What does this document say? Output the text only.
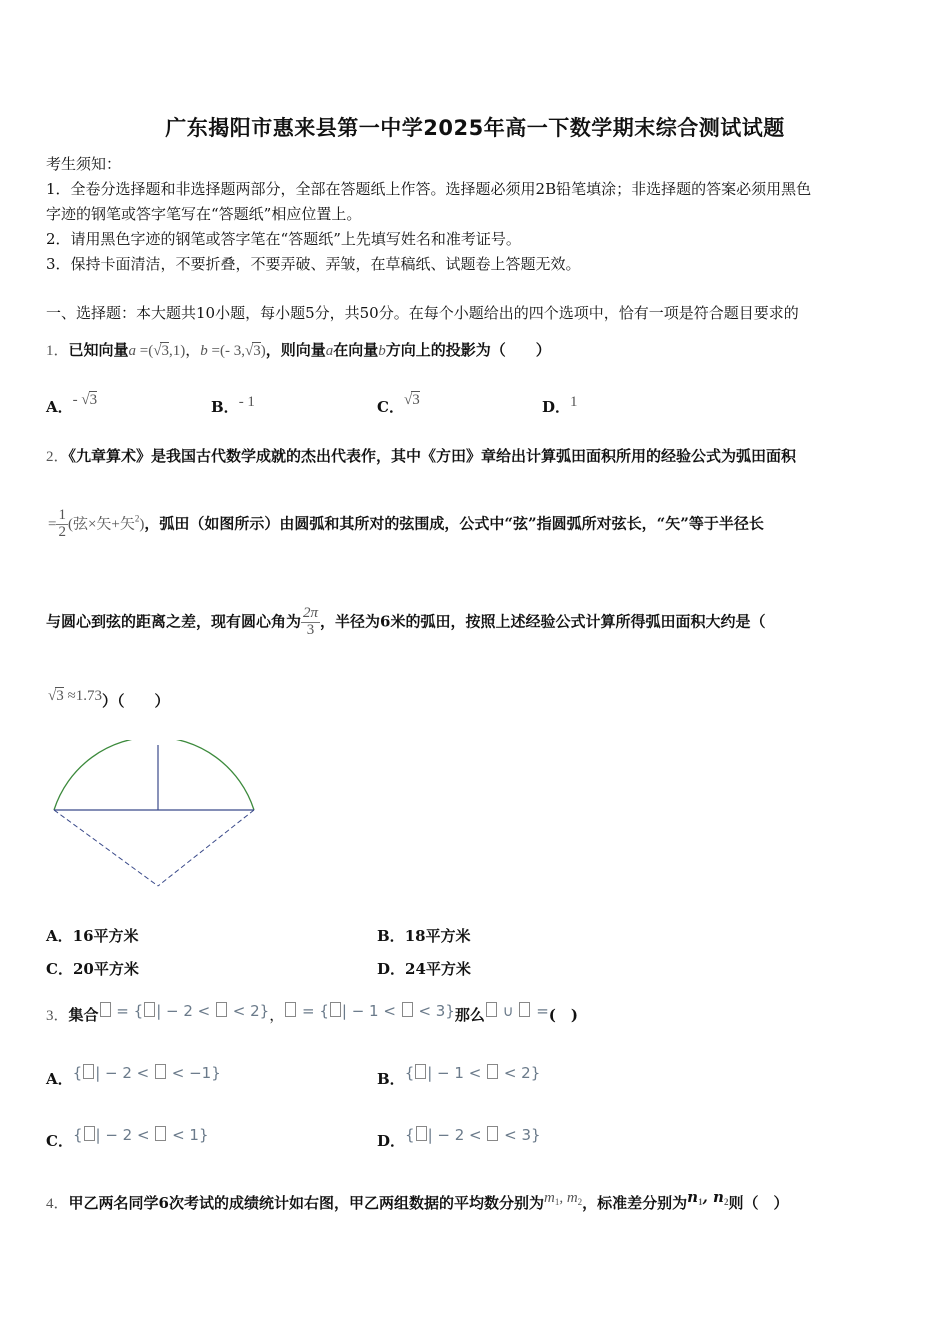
广东揭阳市惠来县第一中学2025年高一下数学期末综合测试试题
考生须知：
1．全卷分选择题和非选择题两部分，全部在答题纸上作答。选择题必须用2B铅笔填涂；非选择题的答案必须用黑色
字迹的钢笔或答字笔写在“答题纸”相应位置上。
2．请用黑色字迹的钢笔或答字笔在“答题纸”上先填写姓名和准考证号。
3．保持卡面清洁，不要折叠，不要弄破、弄皱，在草稿纸、试题卷上答题无效。
一、选择题：本大题共10小题，每小题5分，共50分。在每个小题给出的四个选项中，恰有一项是符合题目要求的
1．已知向量a =(√3,1)，b =(- 3,√3)，则向量a在向量b方向上的投影为（　　）
A．- √3	B．- 1	C．√3	D．1
2．《九章算术》是我国古代数学成就的杰出代表作，其中《方田》章给出计算弧田面积所用的经验公式为弧田面积
= $\frac{1}{2}$ (弦×矢+矢$^2$)，弧田（如图所示）由圆弧和其所对的弦围成，公式中“弦”指圆弧所对弦长，“矢”等于半径长
与圆心到弦的距离之差，现有圆心角为 $\frac{2\pi}{3}$ ，半径为6米的弧田，按照上述经验公式计算所得弧田面积大约是（
√3 ≈1.73）（　　）
A．16平方米	B．18平方米
C．20平方米	D．24平方米
3．集合 = { | − 2 <  < 2}， = { | − 1 <  < 3}那么 ∪  =(　)
A．{ | − 2 <  < −1}	B．{ | − 1 <  < 2}
C．{ | − 2 <  < 1}	D．{ | − 2 <  < 3}
4．甲乙两名同学6次考试的成绩统计如右图，甲乙两组数据的平均数分别为$m_1$, $m_2$，标准差分别为$n_1$, $n_2$则（　）
